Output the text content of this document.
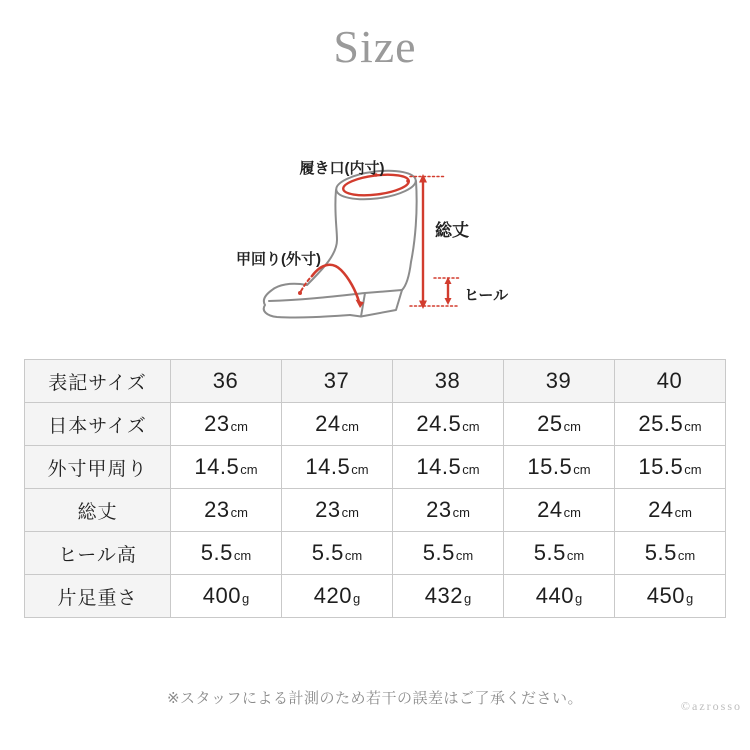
Size
履き口(内寸)
甲回り(外寸)
総丈
ヒール
表記サイズ	36	37	38	39	40
日本サイズ	23cm	24cm	24.5cm	25cm	25.5cm
外寸甲周り	14.5cm	14.5cm	14.5cm	15.5cm	15.5cm
総丈	23cm	23cm	23cm	24cm	24cm
ヒール高	5.5cm	5.5cm	5.5cm	5.5cm	5.5cm
片足重さ	400g	420g	432g	440g	450g
※スタッフによる計測のため若干の誤差はご了承ください。	©azrosso
